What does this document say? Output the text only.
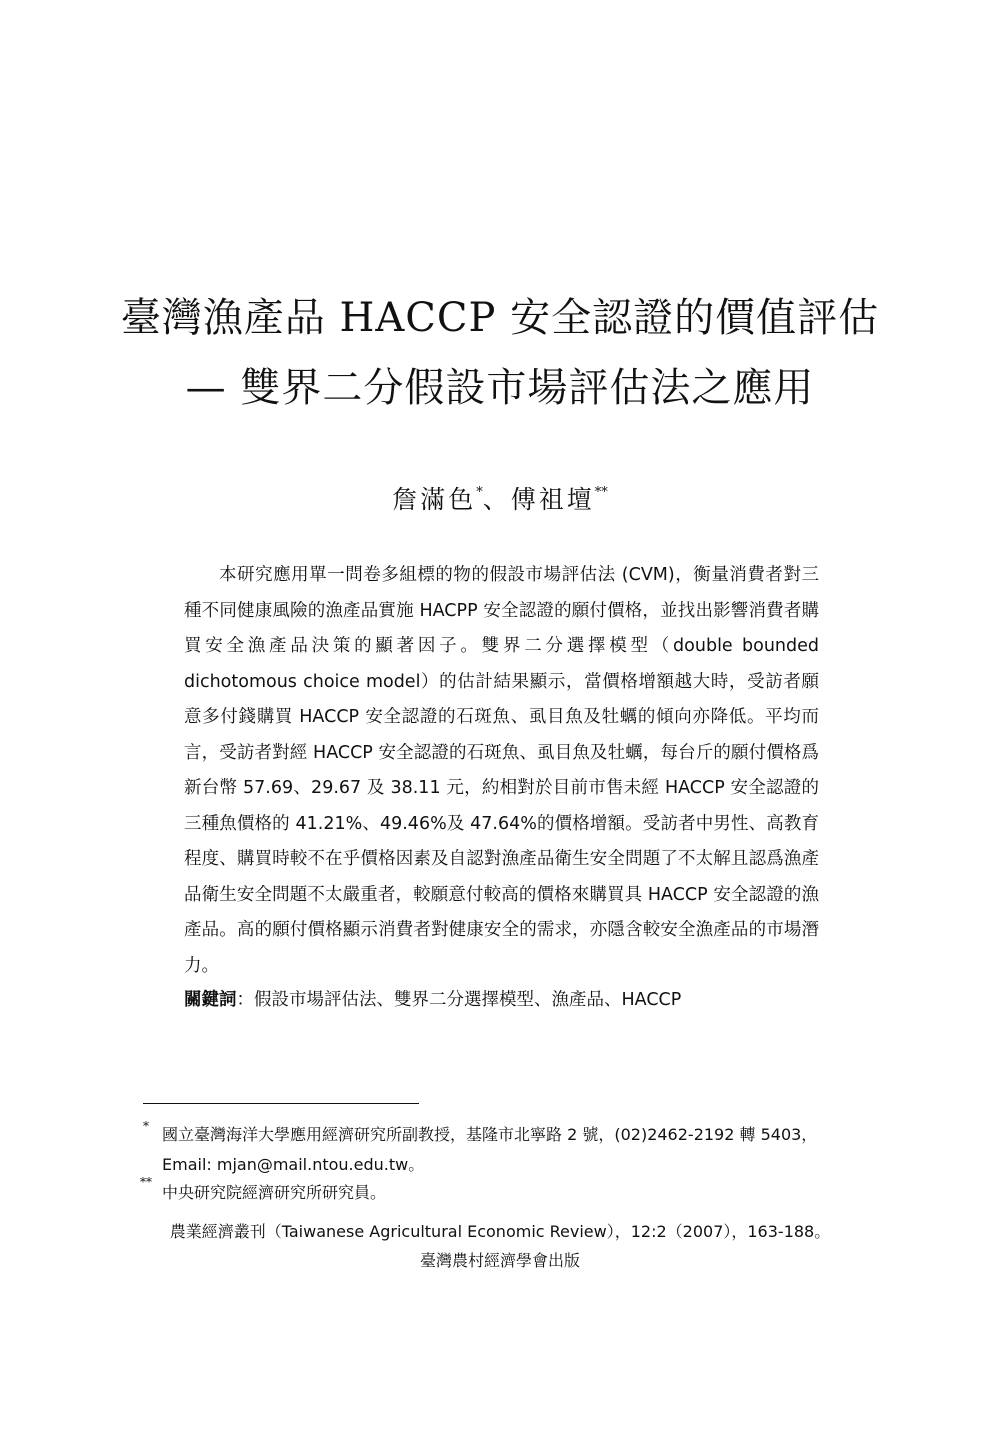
臺灣漁產品 HACCP 安全認證的價值評估
— 雙界二分假設市場評估法之應用
詹滿色*、傅祖壇**
本研究應用單一問卷多組標的物的假設市場評估法 (CVM)，衡量消費者對三種不同健康風險的漁產品實施 HACPP 安全認證的願付價格，並找出影響消費者購買安全漁產品決策的顯著因子。雙界二分選擇模型（double bounded dichotomous choice model）的估計結果顯示，當價格增額越大時，受訪者願意多付錢購買 HACCP 安全認證的石斑魚、虱目魚及牡蠣的傾向亦降低。平均而言，受訪者對經 HACCP 安全認證的石斑魚、虱目魚及牡蠣，每台斤的願付價格爲新台幣 57.69、29.67 及 38.11 元，約相對於目前市售未經 HACCP 安全認證的三種魚價格的 41.21%、49.46%及 47.64%的價格增額。受訪者中男性、高教育程度、購買時較不在乎價格因素及自認對漁產品衛生安全問題了不太解且認爲漁產品衛生安全問題不太嚴重者，較願意付較高的價格來購買具 HACCP 安全認證的漁產品。高的願付價格顯示消費者對健康安全的需求，亦隱含較安全漁產品的市場潛力。
關鍵詞：假設市場評估法、雙界二分選擇模型、漁產品、HACCP
* 國立臺灣海洋大學應用經濟研究所副教授，基隆市北寧路 2 號，(02)2462-2192 轉 5403，Email: mjan@mail.ntou.edu.tw。
**
中央研究院經濟研究所研究員。
農業經濟叢刊（Taiwanese Agricultural Economic Review），12:2（2007），163-188。
臺灣農村經濟學會出版
